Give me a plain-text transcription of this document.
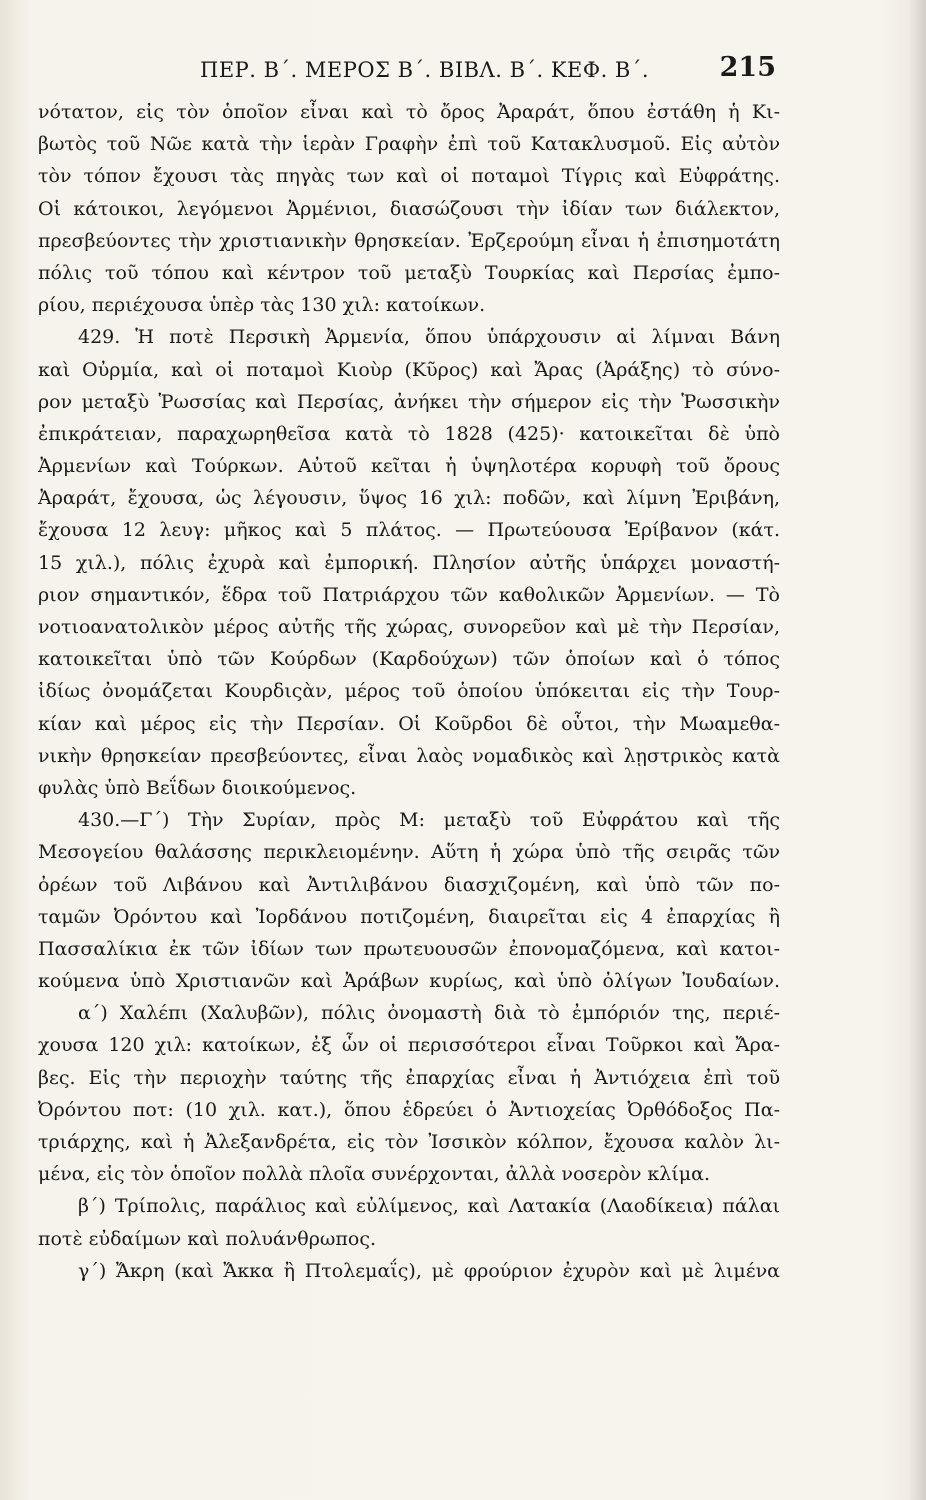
ΠΕΡ. Β΄. ΜΕΡΟΣ Β΄. ΒΙΒΛ. Β΄. ΚΕΦ. Β΄.	215
νότατον, εἰς τὸν ὁποῖον εἶναι καὶ τὸ ὄρος Ἀραράτ, ὅπου ἐστάθη ἡ Κι-
βωτὸς τοῦ Νῶε κατὰ τὴν ἱερὰν Γραφὴν ἐπὶ τοῦ Κατακλυσμοῦ. Εἰς αὐτὸν
τὸν τόπον ἔχουσι τὰς πηγὰς των καὶ οἱ ποταμοὶ Τίγρις καὶ Εὐφράτης.
Οἱ κάτοικοι, λεγόμενοι Ἀρμένιοι, διασώζουσι τὴν ἰδίαν των διάλεκτον,
πρεσβεύοντες τὴν χριστιανικὴν θρησκείαν. Ἐρζερούμη εἶναι ἡ ἐπισημοτάτη
πόλις τοῦ τόπου καὶ κέντρον τοῦ μεταξὺ Τουρκίας καὶ Περσίας ἐμπο-
ρίου, περιέχουσα ὑπὲρ τὰς 130 χιλ: κατοίκων.
429. Ἡ ποτὲ Περσικὴ Ἀρμενία, ὅπου ὑπάρχουσιν αἱ λίμναι Βάνη
καὶ Οὐρμία, καὶ οἱ ποταμοὶ Κιοὺρ (Κῦρος) καὶ Ἄρας (Ἀράξης) τὸ σύνο-
ρον μεταξὺ Ῥωσσίας καὶ Περσίας, ἀνήκει τὴν σήμερον εἰς τὴν Ῥωσσικὴν
ἐπικράτειαν, παραχωρηθεῖσα κατὰ τὸ 1828 (425)· κατοικεῖται δὲ ὑπὸ
Ἀρμενίων καὶ Τούρκων. Αὐτοῦ κεῖται ἡ ὑψηλοτέρα κορυφὴ τοῦ ὄρους
Ἀραράτ, ἔχουσα, ὡς λέγουσιν, ὕψος 16 χιλ: ποδῶν, καὶ λίμνη Ἐριβάνη,
ἔχουσα 12 λευγ: μῆκος καὶ 5 πλάτος. — Πρωτεύουσα Ἐρίβανον (κάτ.
15 χιλ.), πόλις ἐχυρὰ καὶ ἐμπορική. Πλησίον αὐτῆς ὑπάρχει μοναστή-
ριον σημαντικόν, ἕδρα τοῦ Πατριάρχου τῶν καθολικῶν Ἀρμενίων. — Τὸ
νοτιοανατολικὸν μέρος αὐτῆς τῆς χώρας, συνορεῦον καὶ μὲ τὴν Περσίαν,
κατοικεῖται ὑπὸ τῶν Κούρδων (Καρδούχων) τῶν ὁποίων καὶ ὁ τόπος
ἰδίως ὀνομάζεται Κουρδιςὰν, μέρος τοῦ ὁποίου ὑπόκειται εἰς τὴν Τουρ-
κίαν καὶ μέρος εἰς τὴν Περσίαν. Οἱ Κοῦρδοι δὲ οὗτοι, τὴν Μωαμεθα-
νικὴν θρησκείαν πρεσβεύοντες, εἶναι λαὸς νομαδικὸς καὶ λῃστρικὸς κατὰ
φυλὰς ὑπὸ Βεΐδων διοικούμενος.
430.—Γ΄) Τὴν Συρίαν, πρὸς Μ: μεταξὺ τοῦ Εὐφράτου καὶ τῆς
Μεσογείου θαλάσσης περικλειομένην. Αὕτη ἡ χώρα ὑπὸ τῆς σειρᾶς τῶν
ὀρέων τοῦ Λιβάνου καὶ Ἀντιλιβάνου διασχιζομένη, καὶ ὑπὸ τῶν πο-
ταμῶν Ὀρόντου καὶ Ἰορδάνου ποτιζομένη, διαιρεῖται εἰς 4 ἐπαρχίας ἢ
Πασσαλίκια ἐκ τῶν ἰδίων των πρωτευουσῶν ἐπονομαζόμενα, καὶ κατοι-
κούμενα ὑπὸ Χριστιανῶν καὶ Ἀράβων κυρίως, καὶ ὑπὸ ὀλίγων Ἰουδαίων.
α΄) Χαλέπι (Χαλυβῶν), πόλις ὀνομαστὴ διὰ τὸ ἐμπόριόν της, περιέ-
χουσα 120 χιλ: κατοίκων, ἐξ ὧν οἱ περισσότεροι εἶναι Τοῦρκοι καὶ Ἄρα-
βες. Εἰς τὴν περιοχὴν ταύτης τῆς ἐπαρχίας εἶναι ἡ Ἀντιόχεια ἐπὶ τοῦ
Ὀρόντου ποτ: (10 χιλ. κατ.), ὅπου ἑδρεύει ὁ Ἀντιοχείας Ὀρθόδοξος Πα-
τριάρχης, καὶ ἡ Ἀλεξανδρέτα, εἰς τὸν Ἰσσικὸν κόλπον, ἔχουσα καλὸν λι-
μένα, εἰς τὸν ὁποῖον πολλὰ πλοῖα συνέρχονται, ἀλλὰ νοσερὸν κλίμα.
β΄) Τρίπολις, παράλιος καὶ εὐλίμενος, καὶ Λατακία (Λαοδίκεια) πάλαι
ποτὲ εὐδαίμων καὶ πολυάνθρωπος.
γ΄) Ἄκρη (καὶ Ἄκκα ἢ Πτολεμαΐς), μὲ φρούριον ἐχυρὸν καὶ μὲ λιμένα
